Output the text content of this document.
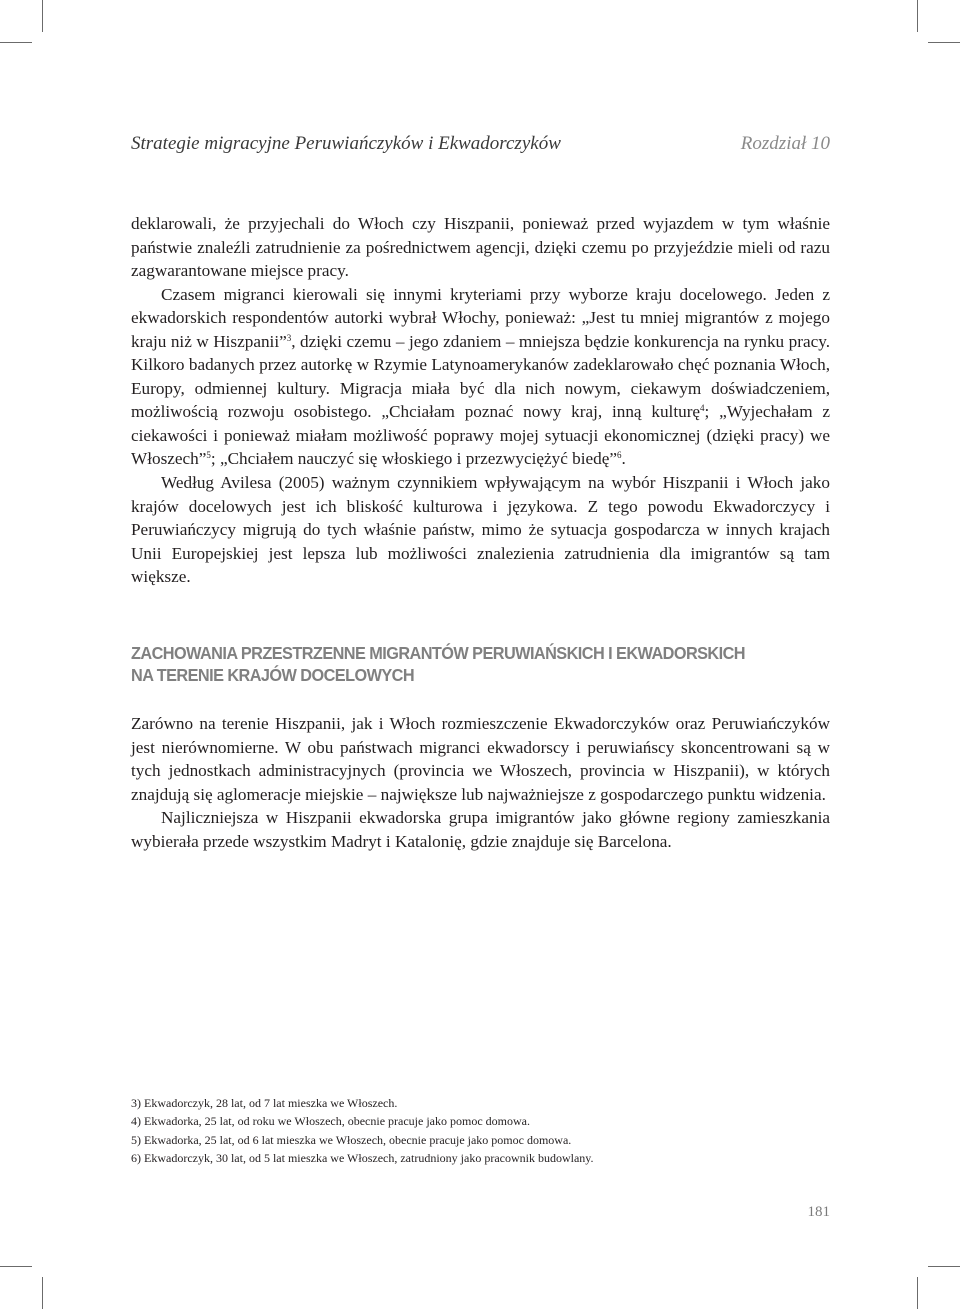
Strategie migracyjne Peruwiańczyków i Ekwadorczyków	Rozdział 10

deklarowali, że przyjechali do Włoch czy Hiszpanii, ponieważ przed wyjazdem w tym właśnie państwie znaleźli zatrudnienie za pośrednictwem agencji, dzięki czemu po przyjeździe mieli od razu zagwarantowane miejsce pracy.

Czasem migranci kierowali się innymi kryteriami przy wyborze kraju docelowego. Jeden z ekwadorskich respondentów autorki wybrał Włochy, ponieważ: „Jest tu mniej migrantów z mojego kraju niż w Hiszpanii”$^3$, dzięki czemu – jego zdaniem – mniejsza będzie konkurencja na rynku pracy. Kilkoro badanych przez autorkę w Rzymie Latynoamerykanów zadeklarowało chęć poznania Włoch, Europy, odmiennej kultury. Migracja miała być dla nich nowym, ciekawym doświadczeniem, możliwością rozwoju osobistego. „Chciałam poznać nowy kraj, inną kulturę$^4$; „Wyjechałam z ciekawości i ponieważ miałam możliwość poprawy mojej sytuacji ekonomicznej (dzięki pracy) we Włoszech”$^5$; „Chciałem nauczyć się włoskiego i przezwyciężyć biedę”$^6$.

Według Avilesa (2005) ważnym czynnikiem wpływającym na wybór Hiszpanii i Włoch jako krajów docelowych jest ich bliskość kulturowa i językowa. Z tego powodu Ekwadorczycy i Peruwiańczycy migrują do tych właśnie państw, mimo że sytuacja gospodarcza w innych krajach Unii Europejskiej jest lepsza lub możliwości znalezienia zatrudnienia dla imigrantów są tam większe.

ZACHOWANIA PRZESTRZENNE MIGRANTÓW PERUWIAŃSKICH I EKWADORSKICH
NA TERENIE KRAJÓW DOCELOWYCH

Zarówno na terenie Hiszpanii, jak i Włoch rozmieszczenie Ekwadorczyków oraz Peruwiańczyków jest nierównomierne. W obu państwach migranci ekwadorscy i peruwiańscy skoncentrowani są w tych jednostkach administracyjnych (provincia we Włoszech, provincia w Hiszpanii), w których znajdują się aglomeracje miejskie – największe lub najważniejsze z gospodarczego punktu widzenia.

Najliczniejsza w Hiszpanii ekwadorska grupa imigrantów jako główne regiony zamieszkania wybierała przede wszystkim Madryt i Katalonię, gdzie znajduje się Barcelona.

3) Ekwadorczyk, 28 lat, od 7 lat mieszka we Włoszech.
4) Ekwadorka, 25 lat, od roku we Włoszech, obecnie pracuje jako pomoc domowa.
5) Ekwadorka, 25 lat, od 6 lat mieszka we Włoszech, obecnie pracuje jako pomoc domowa.
6) Ekwadorczyk, 30 lat, od 5 lat mieszka we Włoszech, zatrudniony jako pracownik budowlany.
181
